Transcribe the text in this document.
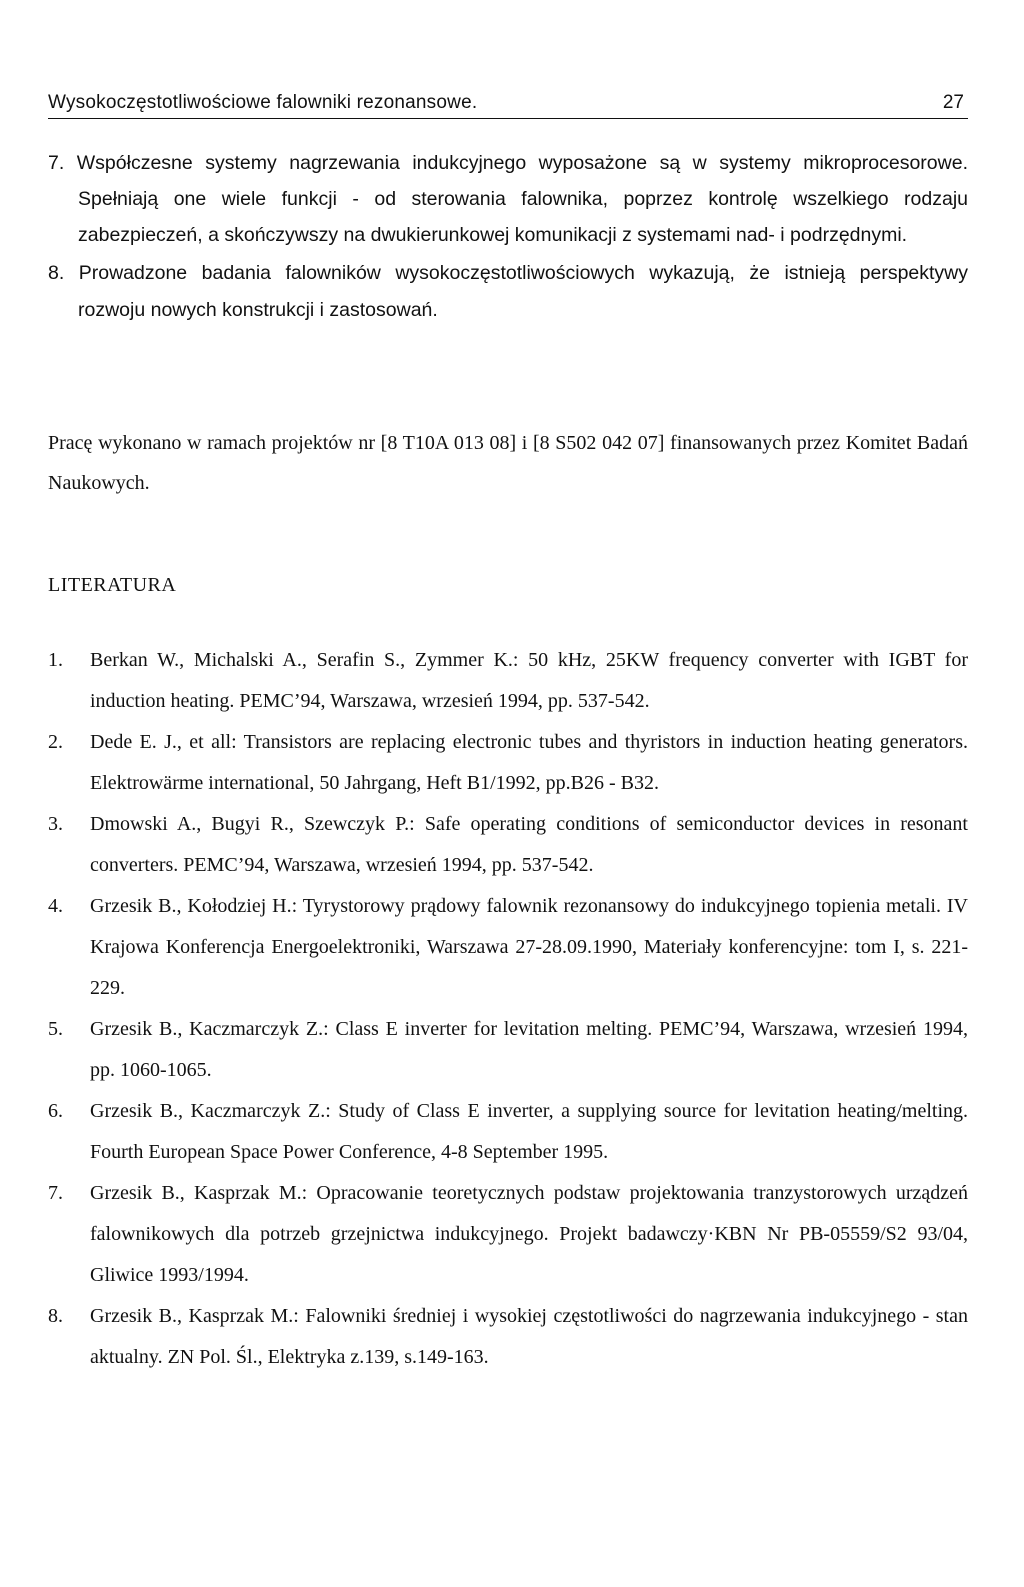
Wysokoczęstotliwościowe falowniki rezonansowe.	27
7. Współczesne systemy nagrzewania indukcyjnego wyposażone są w systemy mikroprocesorowe. Spełniają one wiele funkcji - od sterowania falownika, poprzez kontrolę wszelkiego rodzaju zabezpieczeń, a skończywszy na dwukierunkowej komunikacji z systemami nad- i podrzędnymi.
8. Prowadzone badania falowników wysokoczęstotliwościowych wykazują, że istnieją perspektywy rozwoju nowych konstrukcji i zastosowań.
Pracę wykonano w ramach projektów nr [8 T10A 013 08] i [8 S502 042 07] finansowanych przez Komitet Badań Naukowych.
LITERATURA
1. Berkan W., Michalski A., Serafin S., Zymmer K.: 50 kHz, 25KW frequency converter with IGBT for induction heating. PEMC’94, Warszawa, wrzesień 1994, pp. 537-542.
2. Dede E. J., et all: Transistors are replacing electronic tubes and thyristors in induction heating generators. Elektrowärme international, 50 Jahrgang, Heft B1/1992, pp.B26 - B32.
3. Dmowski A., Bugyi R., Szewczyk P.: Safe operating conditions of semiconductor devices in resonant converters. PEMC’94, Warszawa, wrzesień 1994, pp. 537-542.
4. Grzesik B., Kołodziej H.: Tyrystorowy prądowy falownik rezonansowy do indukcyjnego topienia metali. IV Krajowa Konferencja Energoelektroniki, Warszawa 27-28.09.1990, Materiały konferencyjne: tom I, s. 221-229.
5. Grzesik B., Kaczmarczyk Z.: Class E inverter for levitation melting. PEMC’94, Warszawa, wrzesień 1994, pp. 1060-1065.
6. Grzesik B., Kaczmarczyk Z.: Study of Class E inverter, a supplying source for levitation heating/melting. Fourth European Space Power Conference, 4-8 September 1995.
7. Grzesik B., Kasprzak M.: Opracowanie teoretycznych podstaw projektowania tranzystorowych urządzeń falownikowych dla potrzeb grzejnictwa indukcyjnego. Projekt badawczy·KBN Nr PB-05559/S2 93/04, Gliwice 1993/1994.
8. Grzesik B., Kasprzak M.: Falowniki średniej i wysokiej częstotliwości do nagrzewania indukcyjnego - stan aktualny. ZN Pol. Śl., Elektryka z.139, s.149-163.
